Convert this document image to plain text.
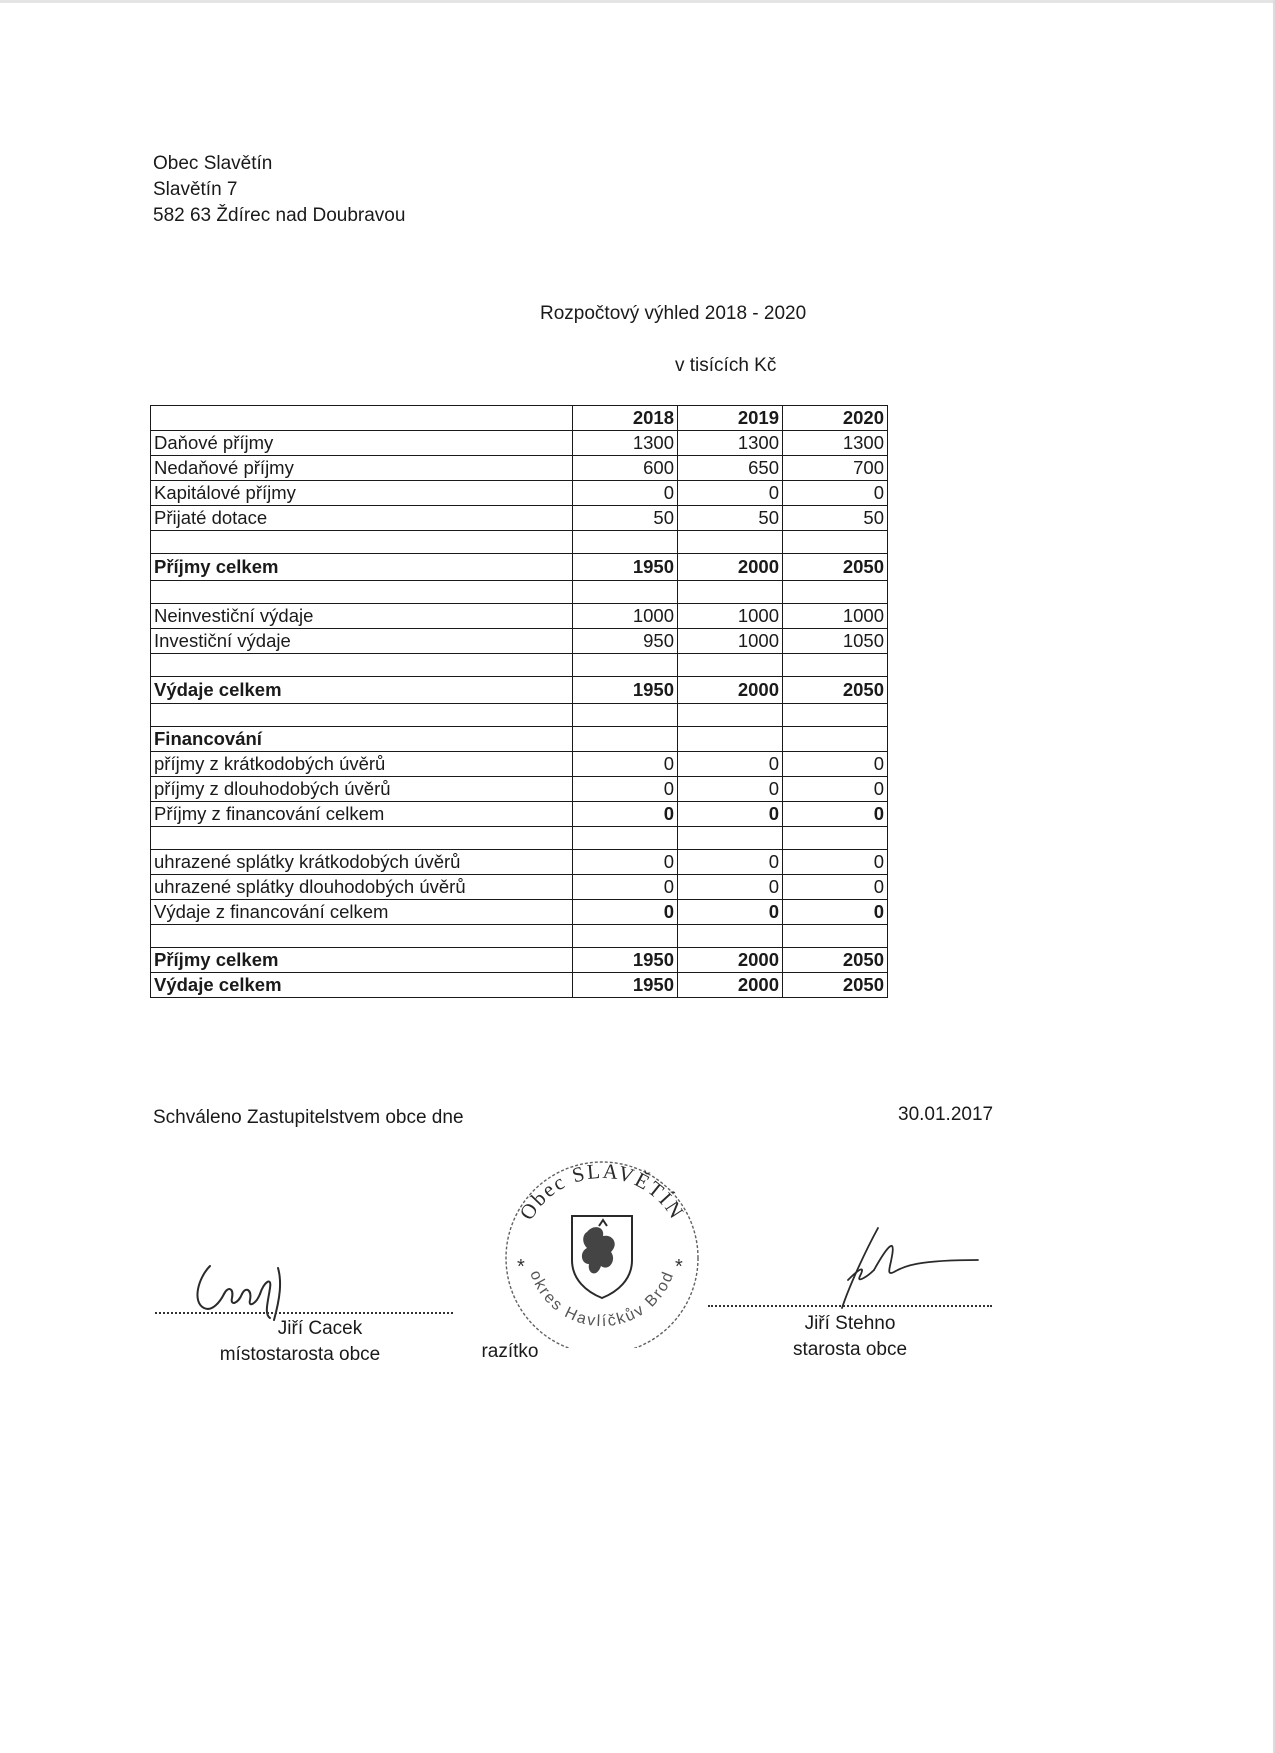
Obec Slavětín
Slavětín 7
582 63 Ždírec nad Doubravou
Rozpočtový výhled 2018 - 2020
v tisících Kč
	2018	2019	2020
Daňové příjmy	1300	1300	1300
Nedaňové příjmy	600	650	700
Kapitálové příjmy	0	0	0
Přijaté dotace	50	50	50

Příjmy celkem	1950	2000	2050

Neinvestiční výdaje	1000	1000	1000
Investiční výdaje	950	1000	1050

Výdaje celkem	1950	2000	2050

Financování			
příjmy z krátkodobých úvěrů	0	0	0
příjmy z dlouhodobých úvěrů	0	0	0
Příjmy z financování celkem	0	0	0

uhrazené splátky krátkodobých úvěrů	0	0	0
uhrazené splátky dlouhodobých úvěrů	0	0	0
Výdaje z financování celkem	0	0	0

Příjmy celkem	1950	2000	2050
Výdaje celkem	1950	2000	2050
Schváleno Zastupitelstvem obce dne	30.01.2017
Jiří Cacek
místostarosta obce
Obec SLAVĚTÍN
okres Havlíčkův Brod
*	*
razítko
Jiří Stehno
starosta obce
